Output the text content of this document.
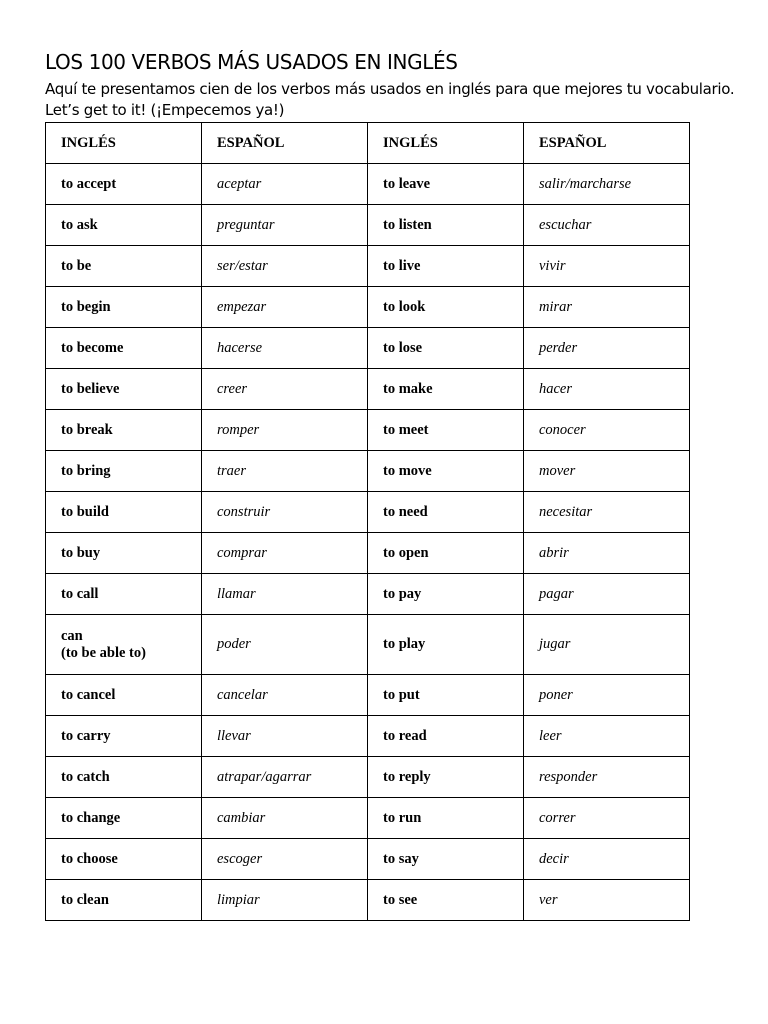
LOS 100 VERBOS MÁS USADOS EN INGLÉS
Aquí te presentamos cien de los verbos más usados en inglés para que mejores tu vocabulario.
Let’s get to it! (¡Empecemos ya!)
INGLÉS	ESPAÑOL	INGLÉS	ESPAÑOL
to accept	aceptar	to leave	salir/marcharse
to ask	preguntar	to listen	escuchar
to be	ser/estar	to live	vivir
to begin	empezar	to look	mirar
to become	hacerse	to lose	perder
to believe	creer	to make	hacer
to break	romper	to meet	conocer
to bring	traer	to move	mover
to build	construir	to need	necesitar
to buy	comprar	to open	abrir
to call	llamar	to pay	pagar

can
(to be able to)	poder	to play	jugar
to cancel	cancelar	to put	poner
to carry	llevar	to read	leer
to catch	atrapar/agarrar	to reply	responder
to change	cambiar	to run	correr
to choose	escoger	to say	decir
to clean	limpiar	to see	ver
